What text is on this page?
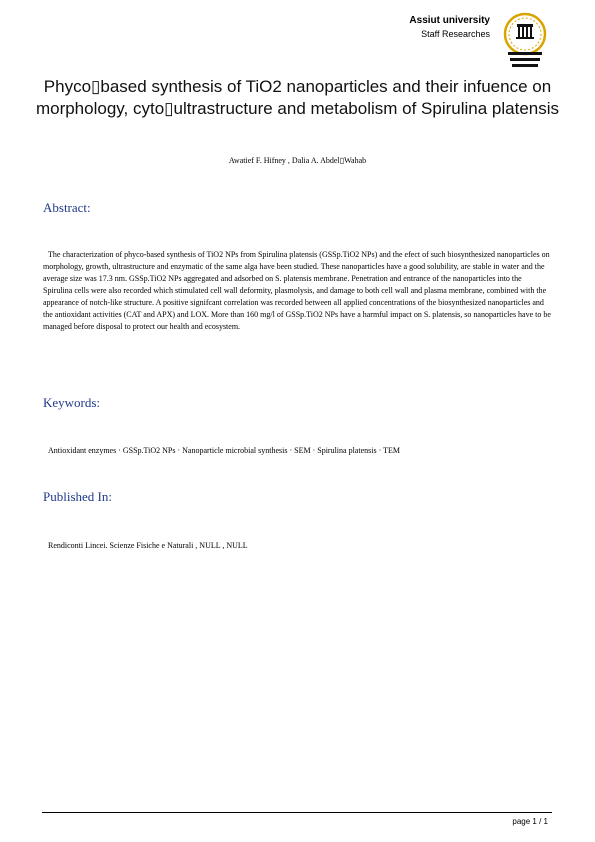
Assiut university
Staff Researches
Phyco▯based synthesis of TiO2 nanoparticles and their infuence on morphology, cyto▯ultrastructure and metabolism of Spirulina platensis
Awatief F. Hifney , Dalia A. Abdel▯Wahab
Abstract:
The characterization of phyco-based synthesis of TiO2 NPs from Spirulina platensis (GSSp.TiO2 NPs) and the efect of such biosynthesized nanoparticles on morphology, growth, ultrastructure and enzymatic of the same alga have been studied. These nanoparticles have a good solubility, are stable in water and the average size was 17.3 nm. GSSp.TiO2 NPs aggregated and adsorbed on S. platensis membrane. Penetration and entrance of the nanoparticles into the Spirulina cells were also recorded which stimulated cell wall deformity, plasmolysis, and damage to both cell wall and plasma membrane, combined with the appearance of notch-like structure. A positive signifcant correlation was recorded between all applied concentrations of the biosynthesized nanoparticles and the antioxidant activities (CAT and APX) and LOX. More than 160 mg/l of GSSp.TiO2 NPs have a harmful impact on S. platensis, so nanoparticles have to be managed before disposal to protect our health and ecosystem.
Keywords:
Antioxidant enzymes · GSSp.TiO2 NPs · Nanoparticle microbial synthesis · SEM · Spirulina platensis · TEM
Published In:
Rendiconti Lincei. Scienze Fisiche e Naturali , NULL , NULL
page 1 / 1
